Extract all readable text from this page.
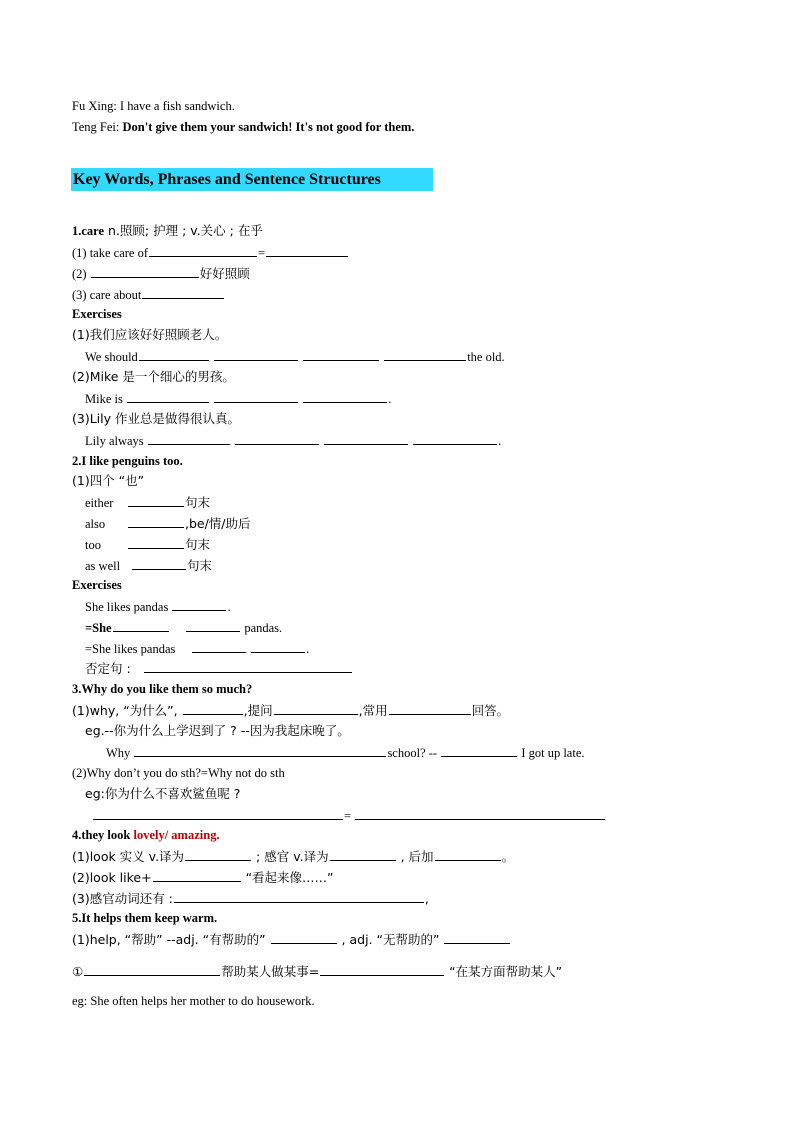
Fu Xing: I have a fish sandwich.
Teng Fei: Don't give them your sandwich! It's not good for them.
Key Words, Phrases and Sentence Structures
1.care n.照顾; 护理 ; v.关心 ; 在乎
(1) take care of	=
(2)	好好照顾
(3) care about
Exercises
(1)我们应该好好照顾老人。
We should	the old.
(2)Mike 是一个细心的男孩。
Mike is	.
(3)Lily 作业总是做得很认真。
Lily always	.
2.I like penguins too.
(1)四个 “也”
either	句末
also	,be/情/助后
too	句末
as well	句末
Exercises
She likes pandas	.
=She	pandas.
=She likes pandas	.
否定句 :
3.Why do you like them so much?
(1)why, “为什么”,	,提问	,常用	回答。
eg.--你为什么上学迟到了 ? --因为我起床晚了。
Why	school? --	I got up late.
(2)Why don’t you do sth?=Why not do sth
eg:你为什么不喜欢鲨鱼呢 ?
=
4.they look lovely/ amazing.
(1)look 实义 v.译为	; 感官 v.译为	, 后加	。
(2)look like+	“看起来像……”
(3)感官动词还有 :	,
5.It helps them keep warm.
(1)help, “帮助” --adj. “有帮助的”	, adj. “无帮助的”
①	帮助某人做某事=	“在某方面帮助某人”
eg: She often helps her mother to do housework.
